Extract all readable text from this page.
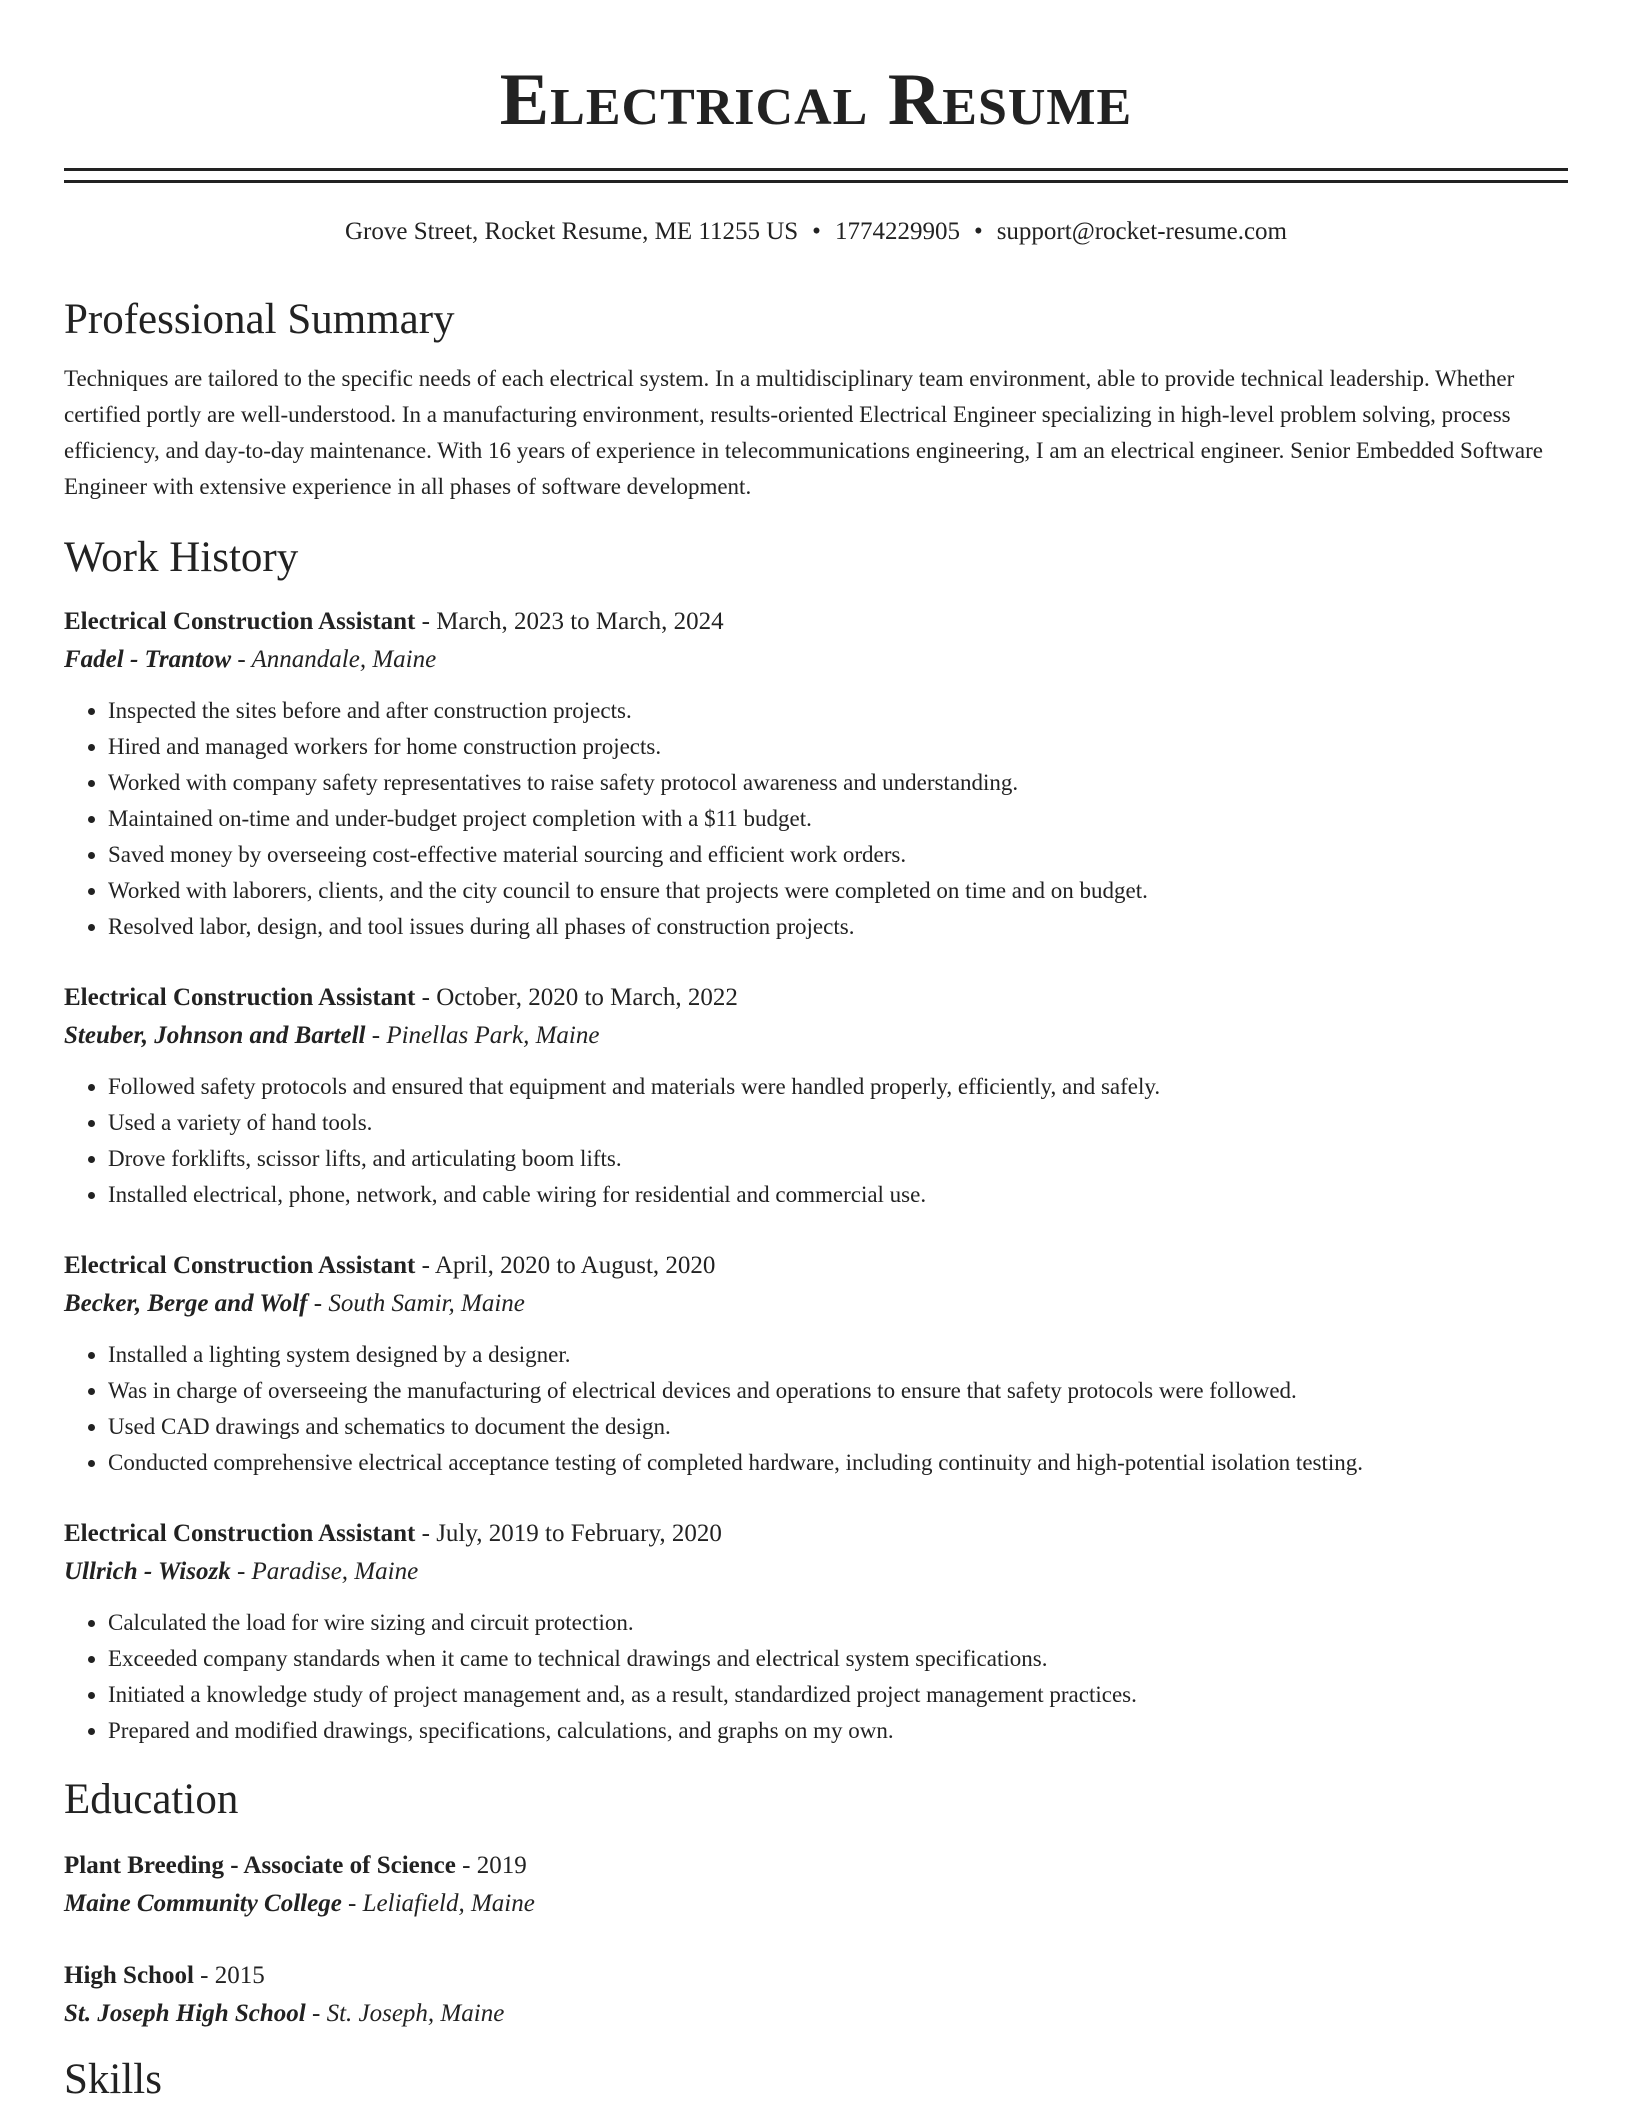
Electrical Resume
Grove Street, Rocket Resume, ME 11255 US • 1774229905 • support@rocket-resume.com
Professional Summary

Techniques are tailored to the specific needs of each electrical system. In a multidisciplinary team environment, able to provide technical leadership. Whether certified portly are well-understood. In a manufacturing environment, results-oriented Electrical Engineer specializing in high-level problem solving, process efficiency, and day-to-day maintenance. With 16 years of experience in telecommunications engineering, I am an electrical engineer. Senior Embedded Software Engineer with extensive experience in all phases of software development.

Work History
Electrical Construction Assistant - March, 2023 to March, 2024
Fadel - Trantow - Annandale, Maine
• Inspected the sites before and after construction projects.
• Hired and managed workers for home construction projects.
• Worked with company safety representatives to raise safety protocol awareness and understanding.
• Maintained on-time and under-budget project completion with a $11 budget.
• Saved money by overseeing cost-effective material sourcing and efficient work orders.
• Worked with laborers, clients, and the city council to ensure that projects were completed on time and on budget.
• Resolved labor, design, and tool issues during all phases of construction projects.
Electrical Construction Assistant - October, 2020 to March, 2022
Steuber, Johnson and Bartell - Pinellas Park, Maine
• Followed safety protocols and ensured that equipment and materials were handled properly, efficiently, and safely.
• Used a variety of hand tools.
• Drove forklifts, scissor lifts, and articulating boom lifts.
• Installed electrical, phone, network, and cable wiring for residential and commercial use.
Electrical Construction Assistant - April, 2020 to August, 2020
Becker, Berge and Wolf - South Samir, Maine
• Installed a lighting system designed by a designer.
• Was in charge of overseeing the manufacturing of electrical devices and operations to ensure that safety protocols were followed.
• Used CAD drawings and schematics to document the design.
• Conducted comprehensive electrical acceptance testing of completed hardware, including continuity and high-potential isolation testing.
Electrical Construction Assistant - July, 2019 to February, 2020
Ullrich - Wisozk - Paradise, Maine
• Calculated the load for wire sizing and circuit protection.
• Exceeded company standards when it came to technical drawings and electrical system specifications.
• Initiated a knowledge study of project management and, as a result, standardized project management practices.
• Prepared and modified drawings, specifications, calculations, and graphs on my own.
Education
Plant Breeding - Associate of Science - 2019
Maine Community College - Leliafield, Maine
High School - 2015
St. Joseph High School - St. Joseph, Maine
Skills
